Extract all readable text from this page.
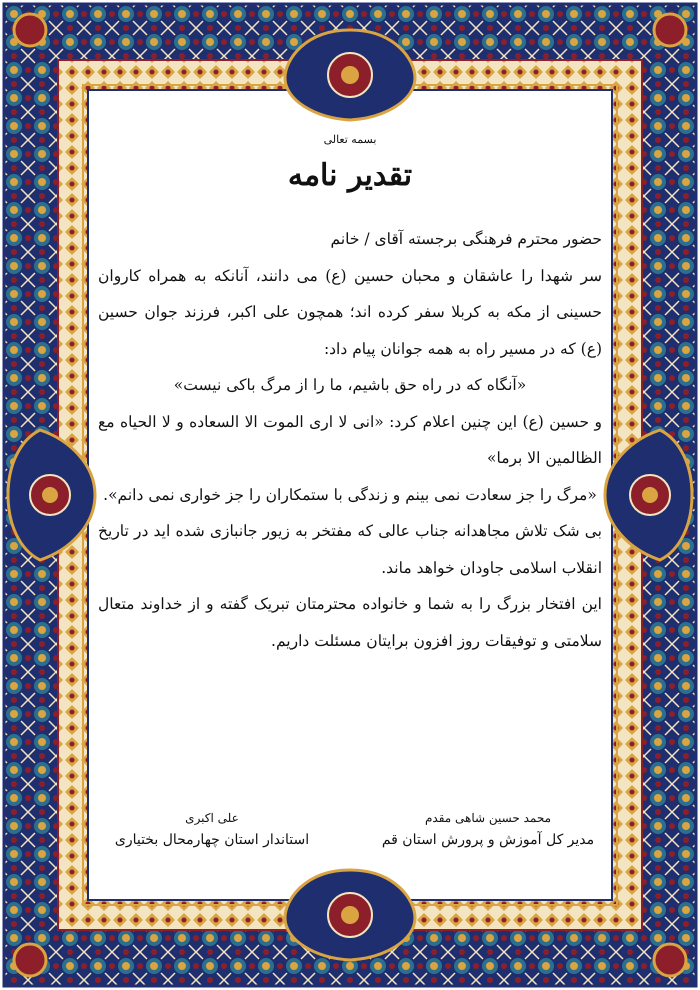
بسمه تعالی
تقدیر نامه

حضور محترم فرهنگی برجسته آقای / خانم

سر شهدا را عاشقان و محبان حسین (ع) می دانند، آنانکه به همراه کاروان حسینی از مکه به کربلا سفر کرده اند؛ همچون علی اکبر، فرزند جوان حسین (ع) که در مسیر راه به همه جوانان پیام داد:

«آنگاه که در راه حق باشیم، ما را از مرگ باکی نیست»

و حسین (ع) این چنین اعلام کرد: «انی لا اری الموت الا السعاده و لا الحیاه مع الظالمین الا برما»

«مرگ را جز سعادت نمی بینم و زندگی با ستمکاران را جز خواری نمی دانم».

بی شک تلاش مجاهدانه جناب عالی که مفتخر به زیور جانبازی شده اید در تاریخ انقلاب اسلامی جاودان خواهد ماند.

این افتخار بزرگ را به شما و خانواده محترمتان تبریک گفته و از خداوند متعال سلامتی و توفیقات روز افزون برایتان مسئلت داریم.

محمد حسین شاهی مقدم
مدیر کل آموزش و پرورش استان قم
علی اکبری
استاندار استان چهارمحال بختیاری
